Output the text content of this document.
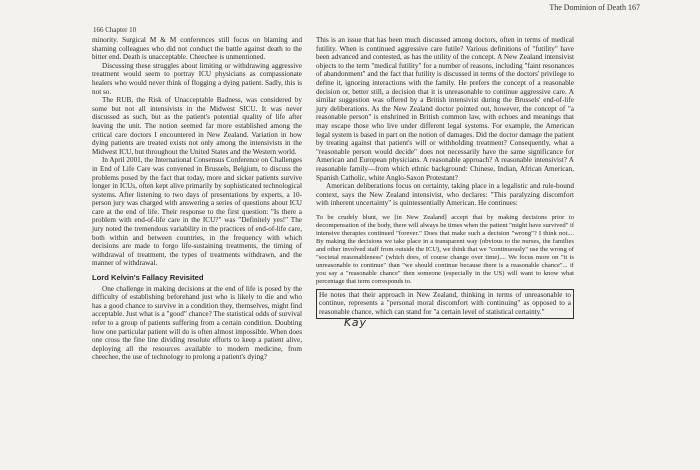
The Dominion of Death 167
166 Chapter 10

minority. Surgical M & M conferences still focus on blaming and shaming colleagues who did not conduct the battle against death to the bitter end. Death is unacceptable. Cheechee is unmentioned.

Discussing these struggles about limiting or withdrawing aggressive treatment would seem to portray ICU physicians as compassionate healers who would never think of flogging a dying patient. Sadly, this is not so.

The RUB, the Risk of Unacceptable Badness, was considered by some but not all intensivists in the Midwest SICU. It was never discussed as such, but as the patient's potential quality of life after leaving the unit. The notion seemed far more established among the critical care doctors I encountered in New Zealand. Variation in how dying patients are treated exists not only among the intensivists in the Midwest ICU, but throughout the United States and the Western world.

In April 2001, the International Consensus Conference on Challenges in End of Life Care was convened in Brussels, Belgium, to discuss the problems posed by the fact that today, more and sicker patients survive longer in ICUs, often kept alive primarily by sophisticated technological systems. After listening to two days of presentations by experts, a 10-person jury was charged with answering a series of questions about ICU care at the end of life. Their response to the first question: "Is there a problem with end-of-life care in the ICU?" was "Definitely yes!" The jury noted the tremendous variability in the practices of end-of-life care, both within and between countries, in the frequency with which decisions are made to forgo life-sustaining treatments, the timing of withdrawal of treatment, the types of treatments withdrawn, and the manner of withdrawal.

Lord Kelvin's Fallacy Revisited

One challenge in making decisions at the end of life is posed by the difficulty of establishing beforehand just who is likely to die and who has a good chance to survive in a condition they, themselves, might find acceptable. Just what is a "good" chance? The statistical odds of survival refer to a group of patients suffering from a certain condition. Doubting how one particular patient will do is often almost impossible. When does one cross the fine line dividing resolute efforts to keep a patient alive, deploying all the resources available to modern medicine, from cheechee, the use of technology to prolong a patient's dying?

This is an issue that has been much discussed among doctors, often in terms of medical futility. When is continued aggressive care futile? Various definitions of "futility" have been advanced and contested, as has the utility of the concept. A New Zealand intensivist objects to the term "medical futility" for a number of reasons, including "faint resonances of abandonment" and the fact that futility is discussed in terms of the doctors' privilege to define it, ignoring interactions with the family. He prefers the concept of a reasonable decision or, better still, a decision that it is unreasonable to continue aggressive care. A similar suggestion was offered by a British intensivist during the Brussels' end-of-life jury deliberations. As the New Zealand doctor pointed out, however, the concept of "a reasonable person" is enshrined in British common law, with echoes and meanings that may escape those who live under different legal systems. For example, the American legal system is based in part on the notion of damages. Did the doctor damage the patient by treating against that patient's will or withholding treatment? Consequently, what a "reasonable person would decide" does not necessarily have the same significance for American and European physicians. A reasonable approach? A reasonable intensivist? A reasonable family—from which ethnic background: Chinese, Indian, African American, Spanish Catholic, white Anglo-Saxon Protestant?

American deliberations focus on certainty, taking place in a legalistic and rule-bound context, says the New Zealand intensivist, who declares: "This paralyzing discomfort with inherent uncertainty" is quintessentially American. He continues:

To be crudely blunt, we [in New Zealand] accept that by making decisions prior to decompensation of the body, there will always be times when the patient "might have survived" if intensive therapies continued "forever." Does that make such a decision "wrong"? I think not.... By making the decisions we take place in a transparent way (obvious to the nurses, the families and other involved staff from outside the ICU), we think that we "continuously" use the wrong of "societal reasonableness" (which does, of course change over time).... We focus more on "it is unreasonable to continue" than "we should continue because there is a reasonable chance"... if you say a "reasonable chance" then someone (especially in the US) will want to know what percentage that term corresponds to.

He notes that their approach in New Zealand, thinking in terms of unreasonable to continue, represents a "personal moral discomfort with continuing" as opposed to a reasonable chance, which can stand for "a certain level of statistical certainty."
Kay
